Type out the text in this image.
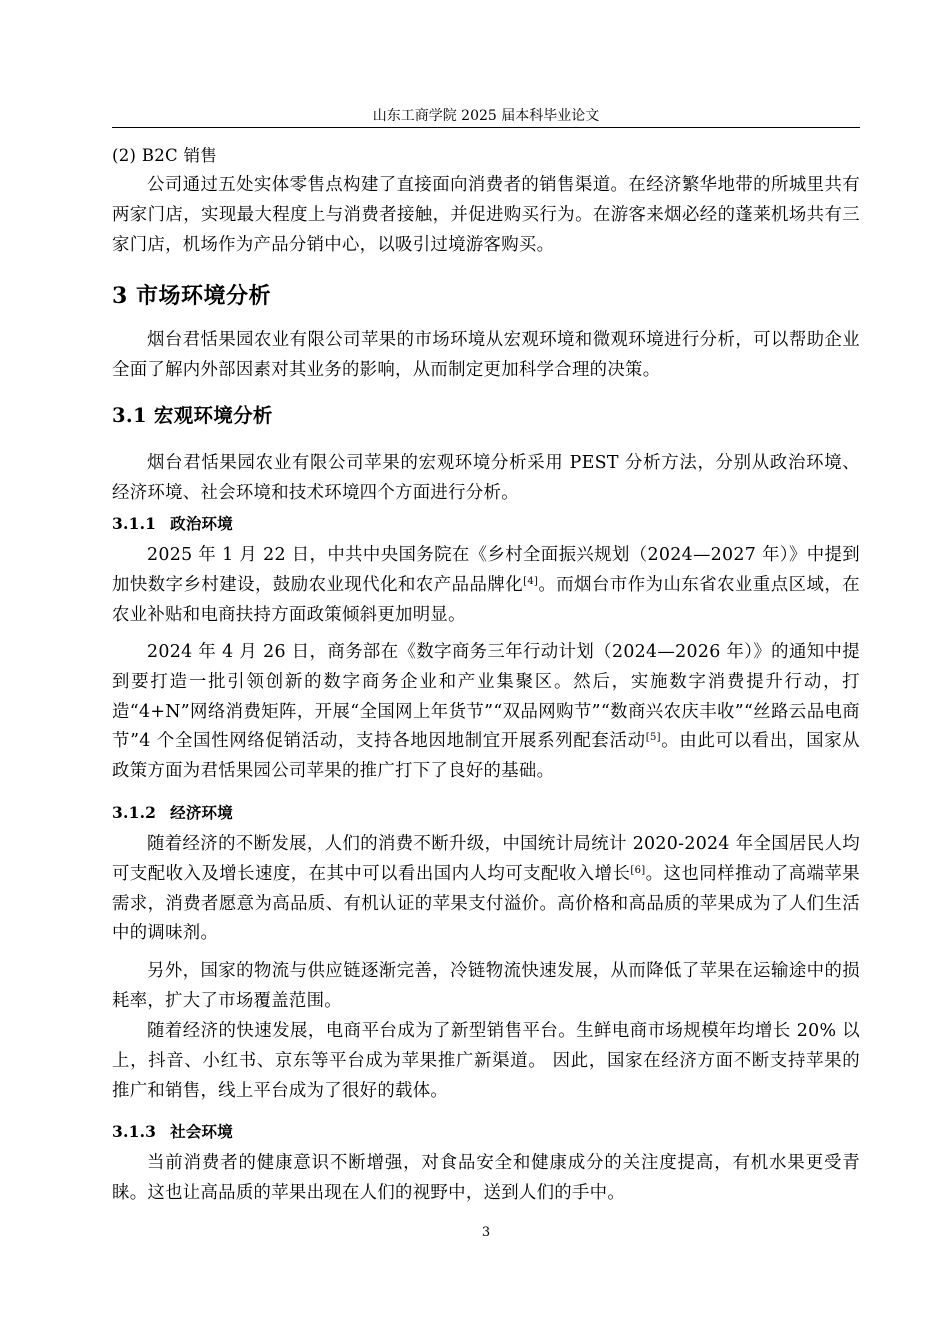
山东工商学院 2025 届本科毕业论文

(2) B2C 销售

公司通过五处实体零售点构建了直接面向消费者的销售渠道。在经济繁华地带的所城里共有两家门店，实现最大程度上与消费者接触，并促进购买行为。在游客来烟必经的蓬莱机场共有三家门店，机场作为产品分销中心，以吸引过境游客购买。

3 市场环境分析

烟台君恬果园农业有限公司苹果的市场环境从宏观环境和微观环境进行分析，可以帮助企业全面了解内外部因素对其业务的影响，从而制定更加科学合理的决策。

3.1 宏观环境分析

烟台君恬果园农业有限公司苹果的宏观环境分析采用 PEST 分析方法，分别从政治环境、经济环境、社会环境和技术环境四个方面进行分析。

3.1.1 政治环境

2025 年 1 月 22 日，中共中央国务院在《乡村全面振兴规划（2024—2027 年）》中提到加快数字乡村建设，鼓励农业现代化和农产品品牌化[4]。而烟台市作为山东省农业重点区域，在农业补贴和电商扶持方面政策倾斜更加明显。

2024 年 4 月 26 日，商务部在《数字商务三年行动计划（2024—2026 年）》的通知中提到要打造一批引领创新的数字商务企业和产业集聚区。然后，实施数字消费提升行动，打造“4+N”网络消费矩阵，开展“全国网上年货节”“双品网购节”“数商兴农庆丰收”“丝路云品电商节”4 个全国性网络促销活动，支持各地因地制宜开展系列配套活动[5]。由此可以看出，国家从政策方面为君恬果园公司苹果的推广打下了良好的基础。

3.1.2 经济环境

随着经济的不断发展，人们的消费不断升级，中国统计局统计 2020-2024 年全国居民人均可支配收入及增长速度，在其中可以看出国内人均可支配收入增长[6]。这也同样推动了高端苹果需求，消费者愿意为高品质、有机认证的苹果支付溢价。高价格和高品质的苹果成为了人们生活中的调味剂。

另外，国家的物流与供应链逐渐完善，冷链物流快速发展，从而降低了苹果在运输途中的损耗率，扩大了市场覆盖范围。

随着经济的快速发展，电商平台成为了新型销售平台。生鲜电商市场规模年均增长 20% 以上，抖音、小红书、京东等平台成为苹果推广新渠道。 因此，国家在经济方面不断支持苹果的推广和销售，线上平台成为了很好的载体。

3.1.3 社会环境

当前消费者的健康意识不断增强，对食品安全和健康成分的关注度提高，有机水果更受青睐。这也让高品质的苹果出现在人们的视野中，送到人们的手中。

3
